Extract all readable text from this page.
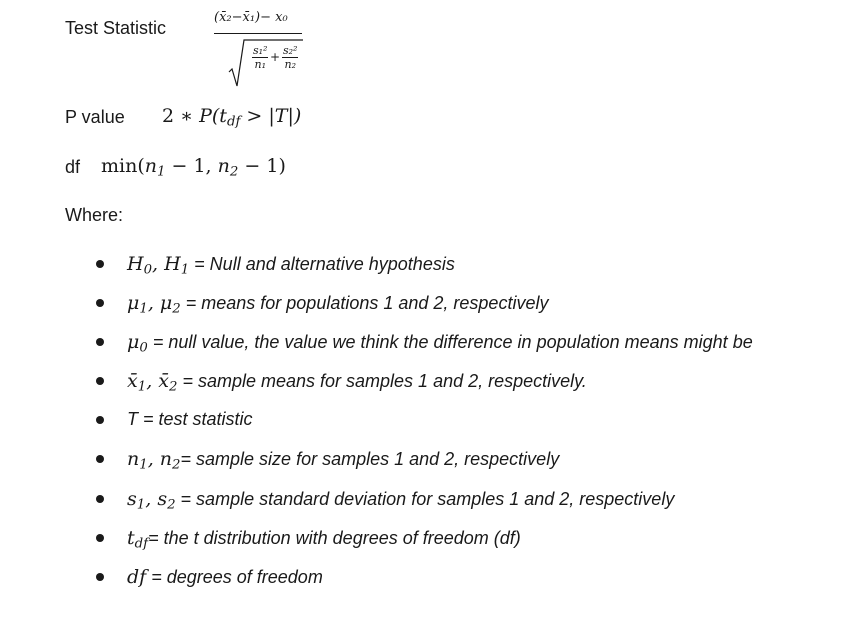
Test Statistic
(x̄₂−x̄₁)− x₀
$\frac{\text{s₁²}}{\text{n₁}} + \frac{\text{s₂²}}{\text{n₂}}$
P value 2 ∗ $P(t_{df} > |T|)$
df $\min(n_1 - 1$, $n_2 - 1$)
Where:
$H_0$, $H_1$ = Null and alternative hypothesis
$\mu_1$, $\mu_2$ = means for populations 1 and 2, respectively
$\mu_0$ = null value, the value we think the difference in population means might be
$x̄_1$, $x̄_2$ = sample means for samples 1 and 2, respectively.
T = test statistic
$n_1$, $n_2=$ sample size for samples 1 and 2, respectively
$s_1$, $s_2$ = sample standard deviation for samples 1 and 2, respectively
$t_{df}=$ the t distribution with degrees of freedom (df)
df = degrees of freedom
